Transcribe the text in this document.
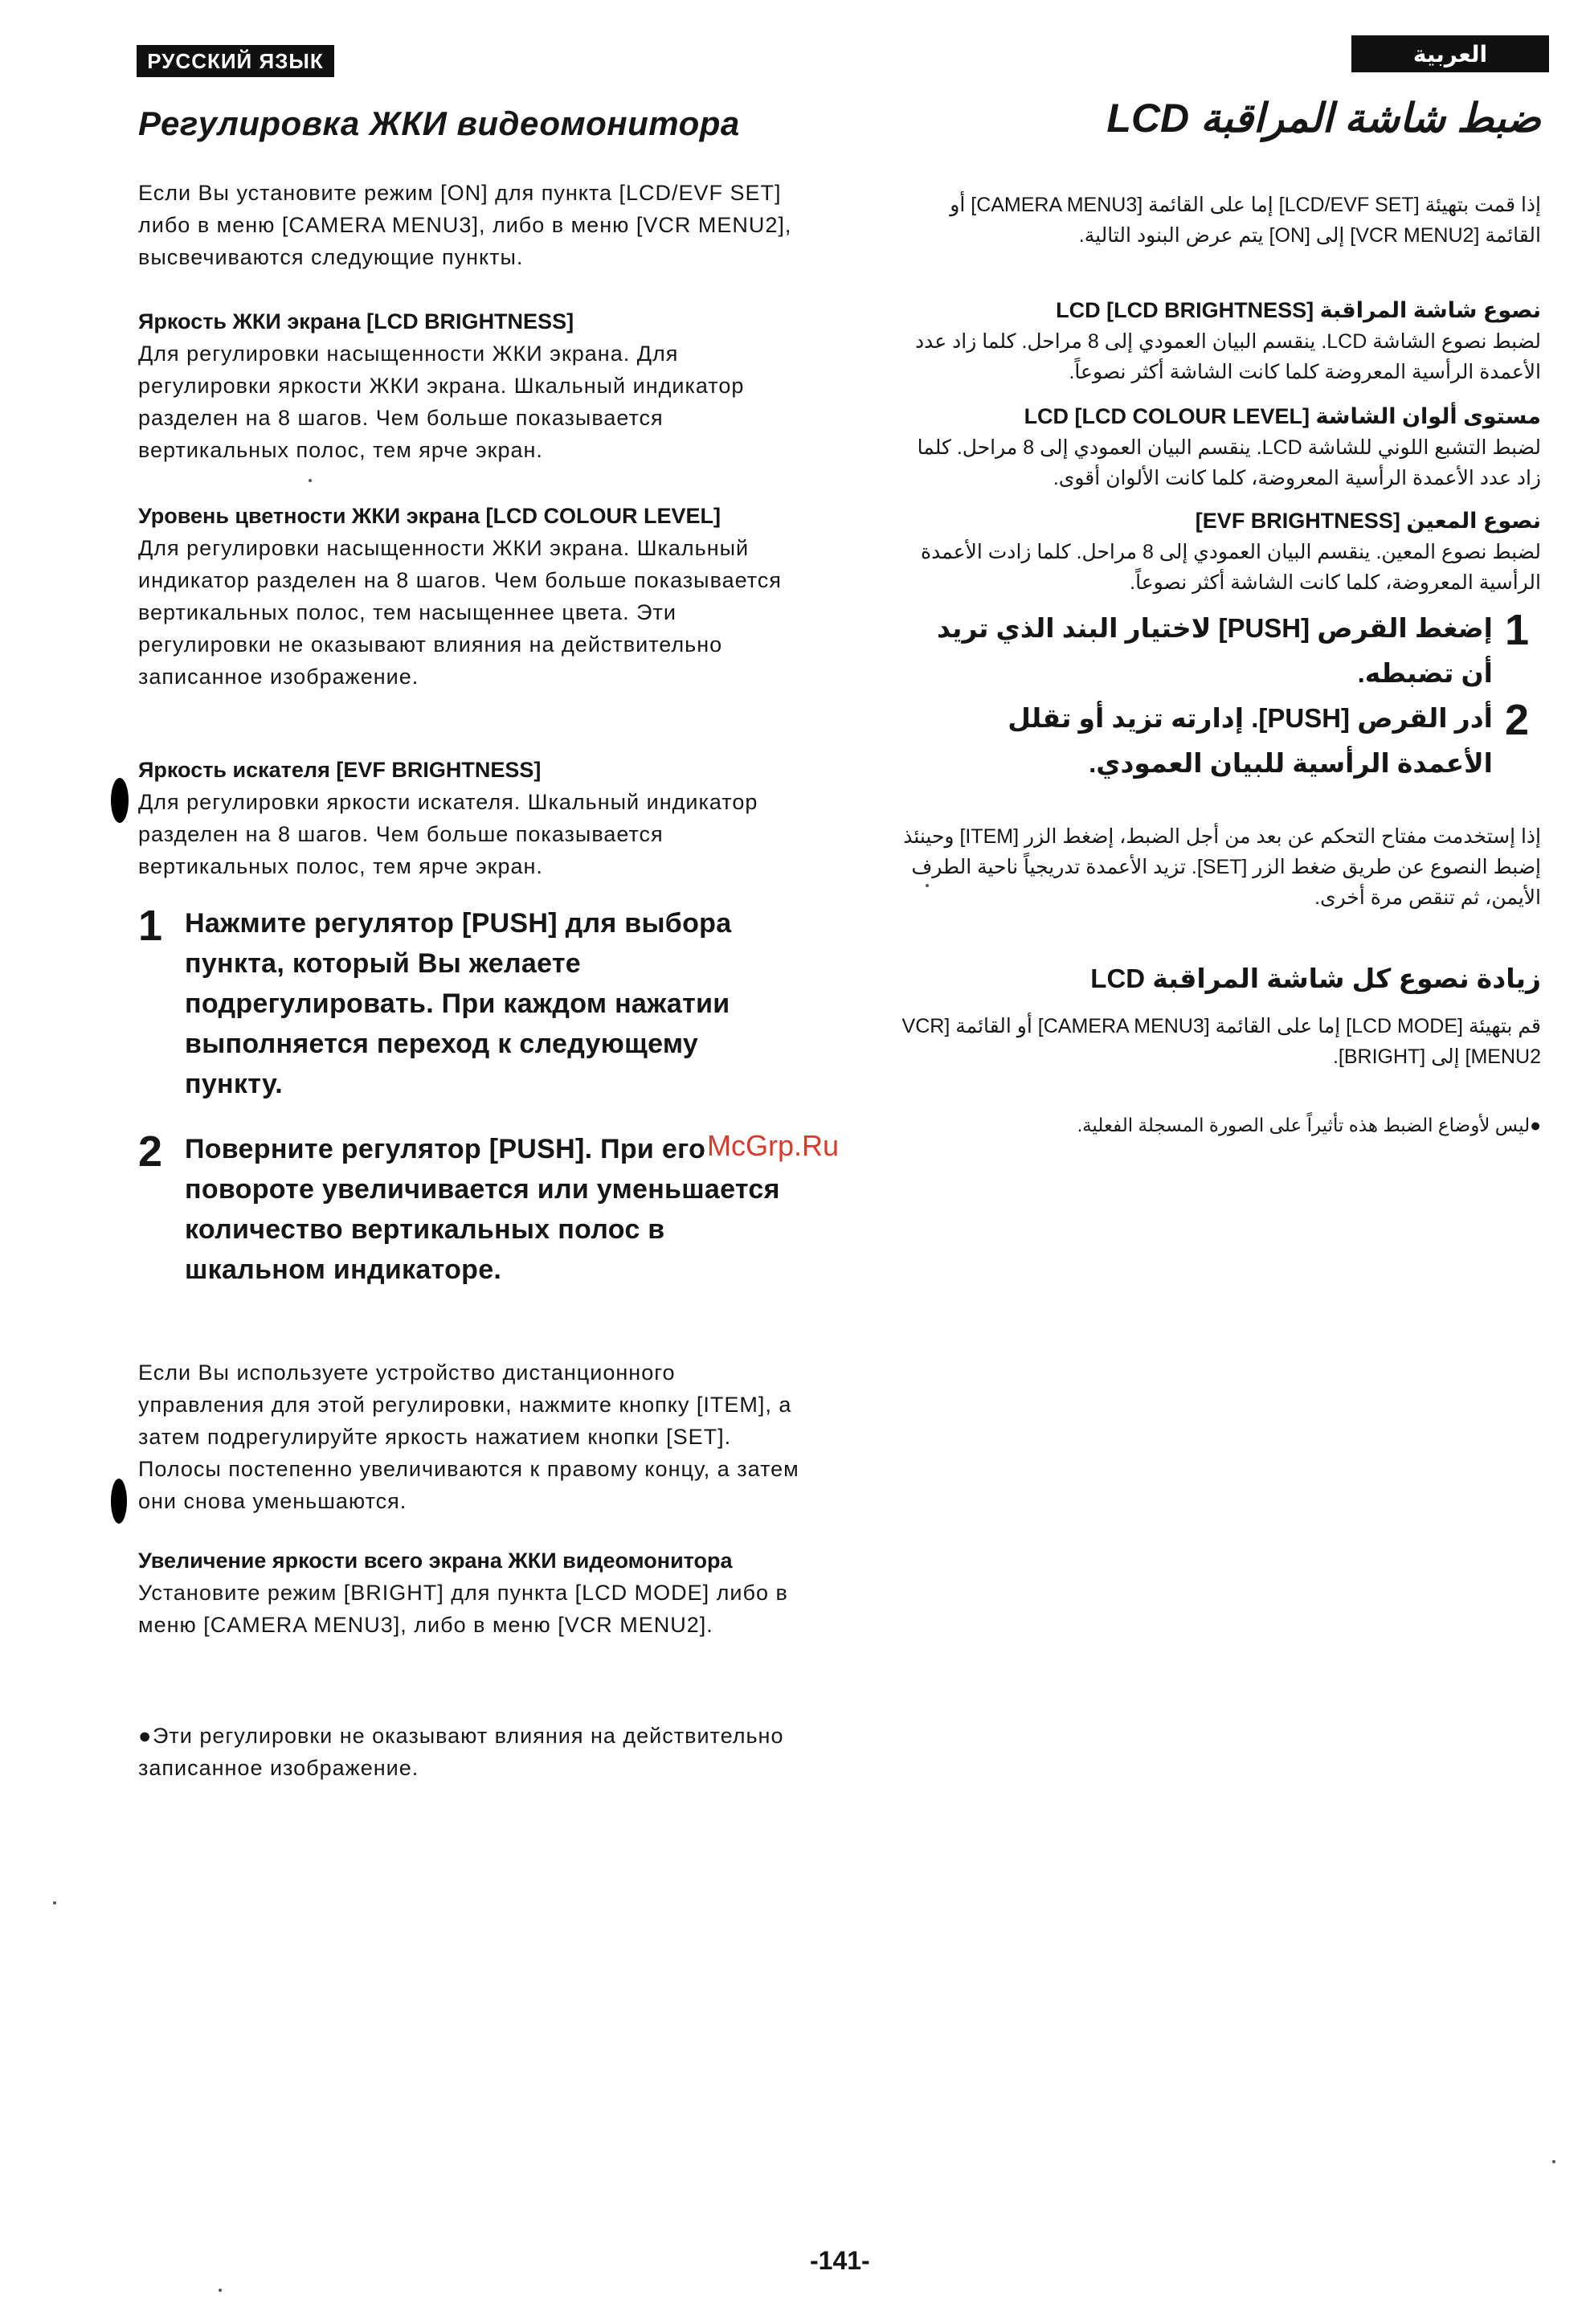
РУССКИЙ ЯЗЫК	العربية
Регулировка ЖКИ видеомонитора
Если Вы установите режим [ON] для пункта [LCD/EVF SET] либо в меню [CAMERA MENU3], либо в меню [VCR MENU2], высвечиваются следующие пункты.
Яркость ЖКИ экрана [LCD BRIGHTNESS]
Для регулировки насыщенности ЖКИ экрана. Для регулировки яркости ЖКИ экрана. Шкальный индикатор разделен на 8 шагов. Чем больше показывается вертикальных полос, тем ярче экран.
Уровень цветности ЖКИ экрана [LCD COLOUR LEVEL]
Для регулировки насыщенности ЖКИ экрана. Шкальный индикатор разделен на 8 шагов. Чем больше показывается вертикальных полос, тем насыщеннее цвета. Эти регулировки не оказывают влияния на действительно записанное изображение.
Яркость искателя [EVF BRIGHTNESS]
Для регулировки яркости искателя. Шкальный индикатор разделен на 8 шагов. Чем больше показывается вертикальных полос, тем ярче экран.
1 Нажмите регулятор [PUSH] для выбора пункта, который Вы желаете подрегулировать. При каждом нажатии выполняется переход к следующему пункту.
2 Поверните регулятор [PUSH]. При его повороте увеличивается или уменьшается количество вертикальных полос в шкальном индикаторе.
Если Вы используете устройство дистанционного управления для этой регулировки, нажмите кнопку [ITEM], а затем подрегулируйте яркость нажатием кнопки [SET]. Полосы постепенно увеличиваются к правому концу, а затем они снова уменьшаются.
Увеличение яркости всего экрана ЖКИ видеомонитора
Установите режим [BRIGHT] для пункта [LCD MODE] либо в меню [CAMERA MENU3], либо в меню [VCR MENU2].
●Эти регулировки не оказывают влияния на действительно записанное изображение.
ضبط شاشة المراقبة LCD
إذا قمت بتهيئة [LCD/EVF SET] إما على القائمة [CAMERA MENU3] أو القائمة [VCR MENU2] إلى [ON] يتم عرض البنود التالية.
نصوع شاشة المراقبة LCD [LCD BRIGHTNESS]
لضبط نصوع الشاشة LCD. ينقسم البيان العمودي إلى 8 مراحل. كلما زاد عدد الأعمدة الرأسية المعروضة كلما كانت الشاشة أكثر نصوعاً.
مستوى ألوان الشاشة LCD [LCD COLOUR LEVEL]
لضبط التشبع اللوني للشاشة LCD. ينقسم البيان العمودي إلى 8 مراحل. كلما زاد عدد الأعمدة الرأسية المعروضة، كلما كانت الألوان أقوى.
نصوع المعين [EVF BRIGHTNESS]
لضبط نصوع المعين. ينقسم البيان العمودي إلى 8 مراحل. كلما زادت الأعمدة الرأسية المعروضة، كلما كانت الشاشة أكثر نصوعاً.
1
إضغط القرص [PUSH] لاختيار البند الذي تريد أن تضبطه.
2
أدر القرص [PUSH]. إدارته تزيد أو تقلل الأعمدة الرأسية للبيان العمودي.
إذا إستخدمت مفتاح التحكم عن بعد من أجل الضبط، إضغط الزر [ITEM] وحينئذ إضبط النصوع عن طريق ضغط الزر [SET]. تزيد الأعمدة تدريجياً ناحية الطرف الأيمن، ثم تنقص مرة أخرى.
زيادة نصوع كل شاشة المراقبة LCD
قم بتهيئة [LCD MODE] إما على القائمة [CAMERA MENU3] أو القائمة [VCR MENU2] إلى [BRIGHT].
●ليس لأوضاع الضبط هذه تأثيراً على الصورة المسجلة الفعلية.
McGrp.Ru
-141-
